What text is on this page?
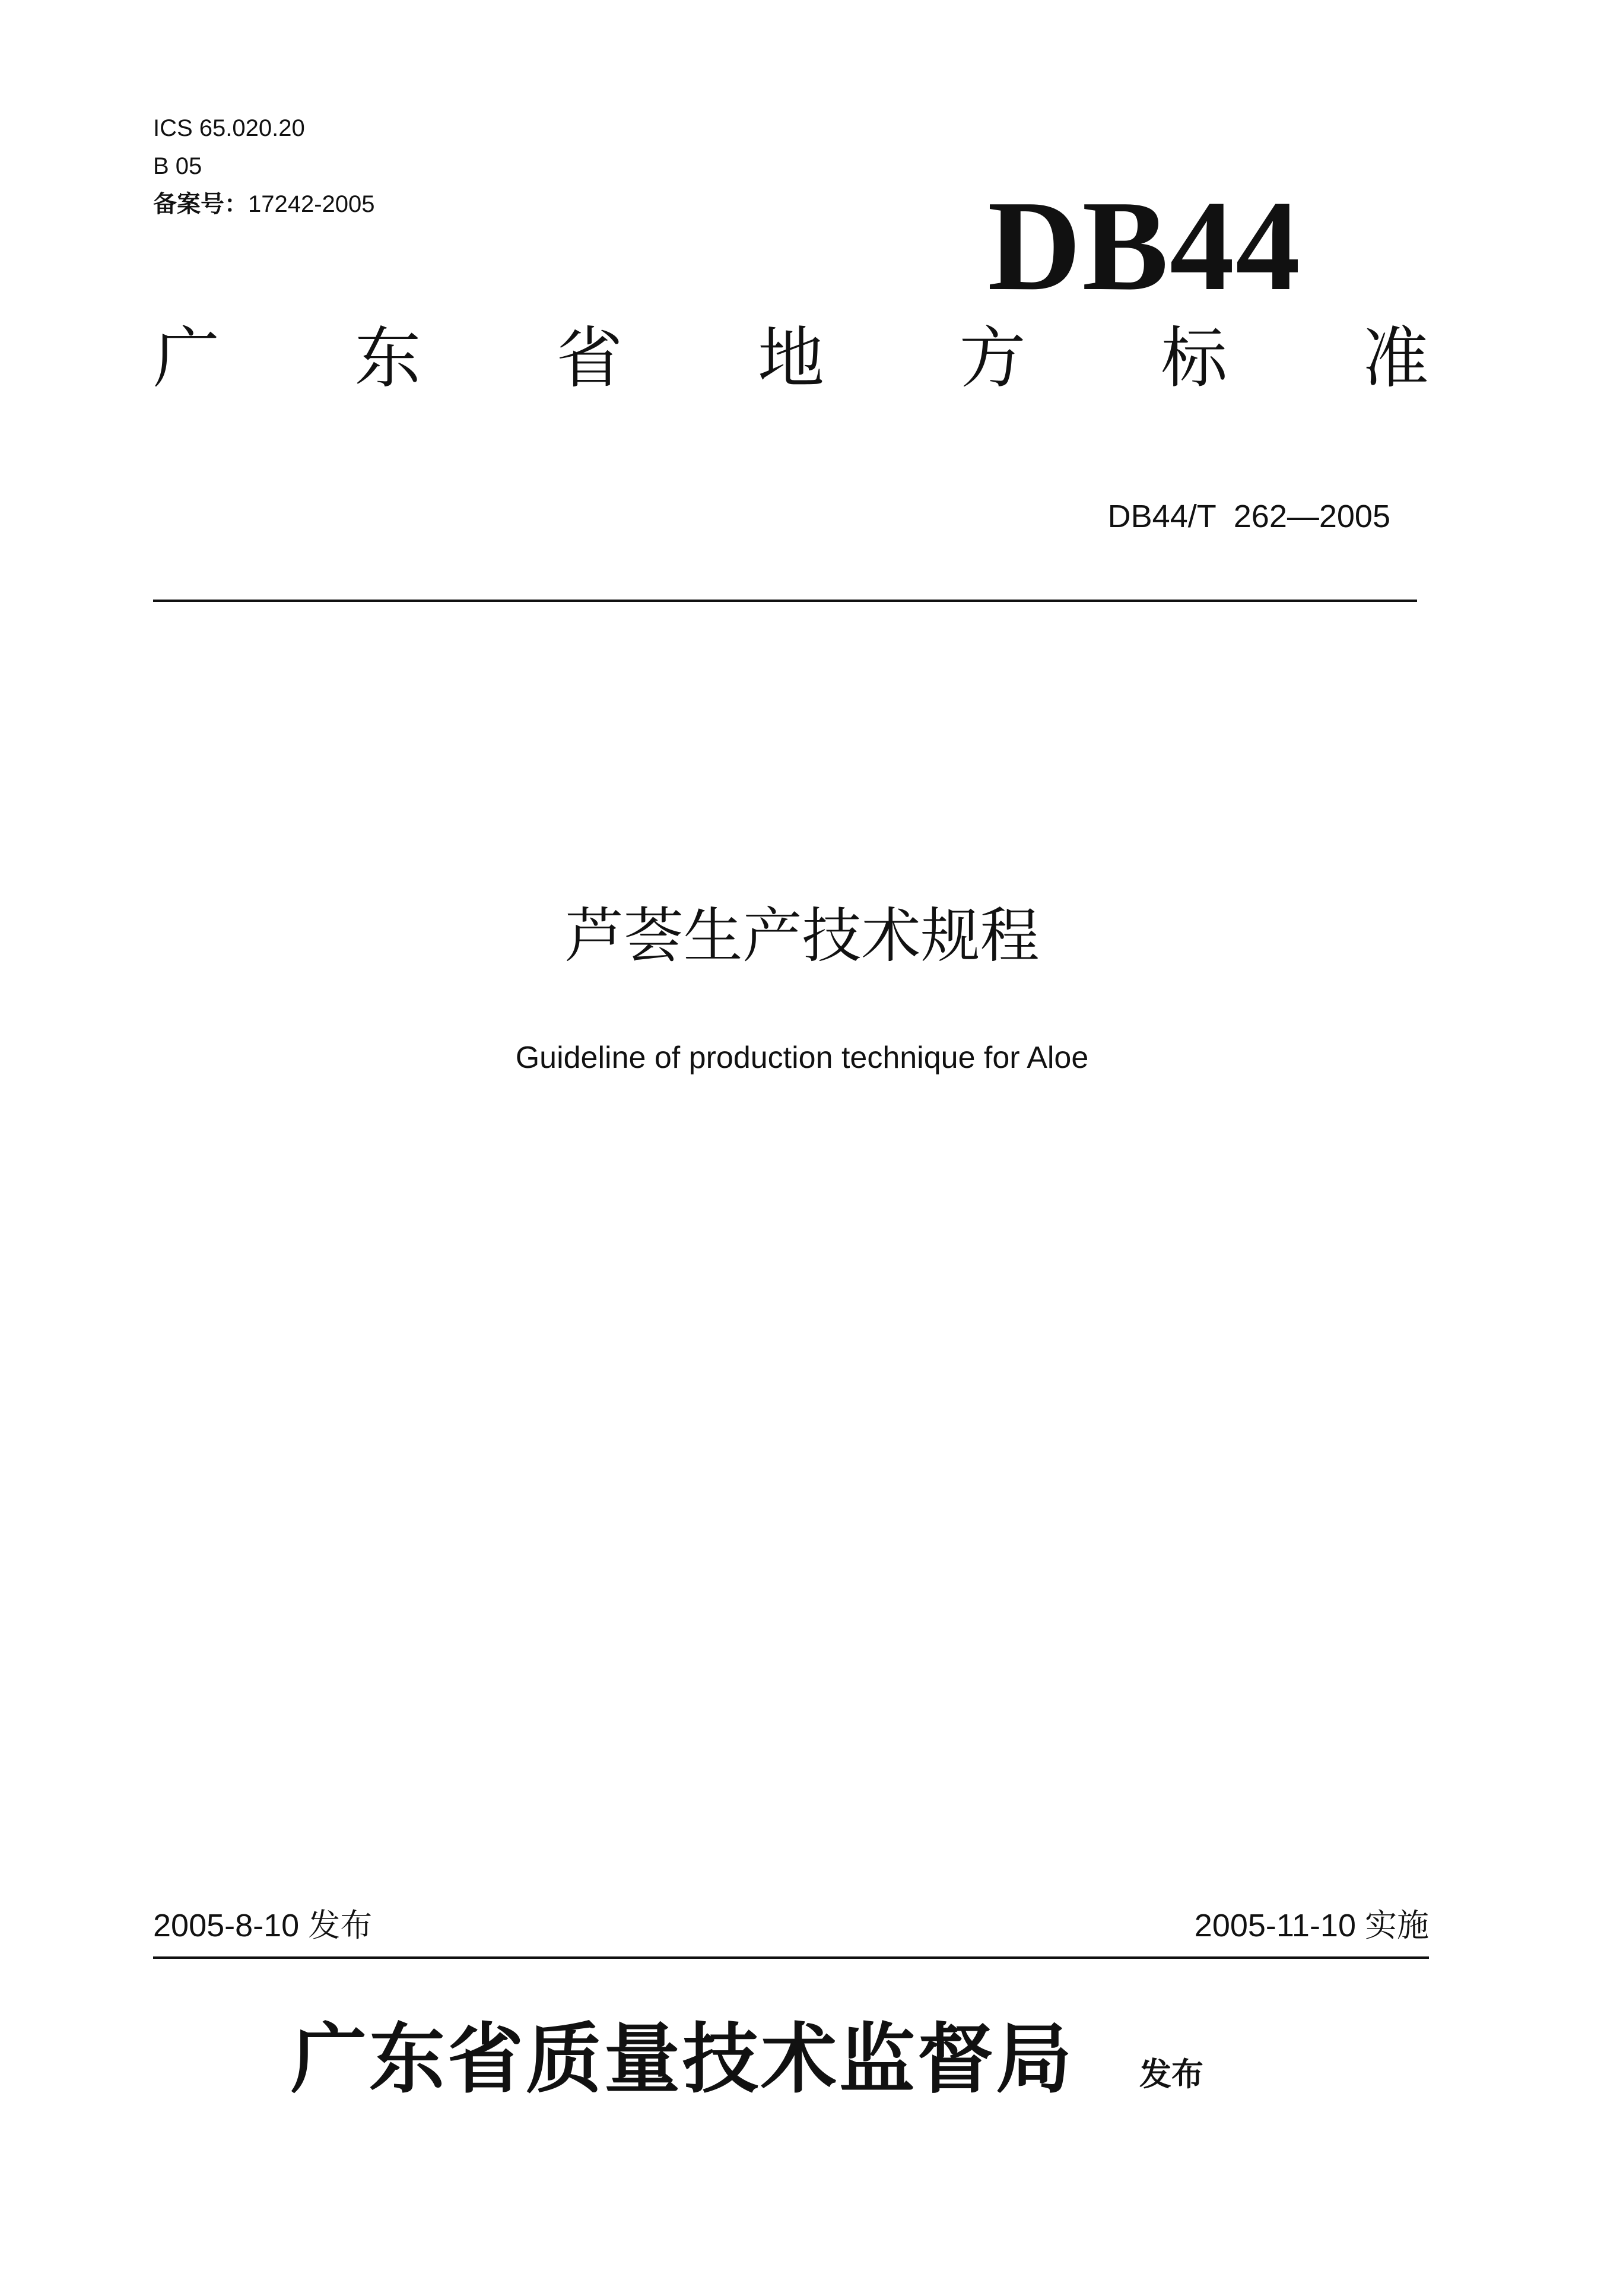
ICS 65.020.20
B 05
备案号：17242-2005	DB44
广 东 省 地 方 标 准
DB44/T  262—2005
芦荟生产技术规程
Guideline of production technique for Aloe
2005-8-10 发布	2005-11-10 实施
广东省质量技术监督局 发布
